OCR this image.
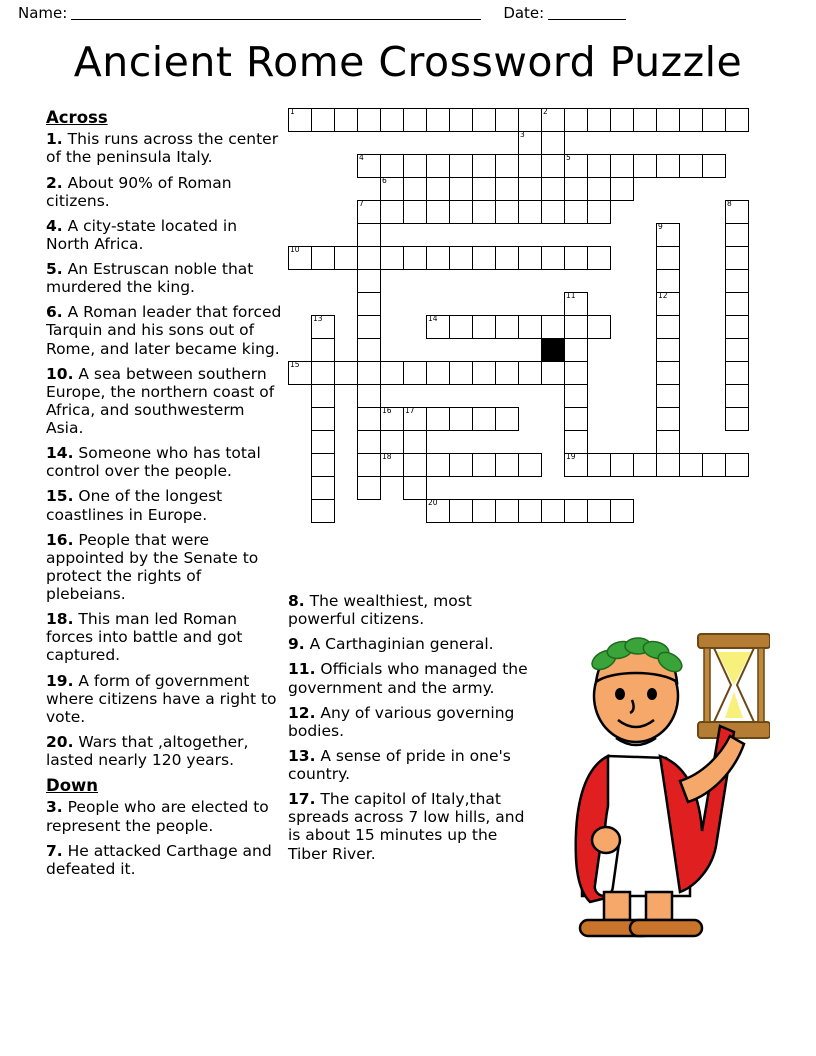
Name:	Date:
Ancient Rome Crossword Puzzle
Across
1. This runs across the center of the peninsula Italy.
2. About 90% of Roman citizens.
4. A city-state located in North Africa.
5. An Estruscan noble that murdered the king.
6. A Roman leader that forced Tarquin and his sons out of Rome, and later became king.
10. A sea between southern Europe, the northern coast of Africa, and southwesterm Asia.
14. Someone who has total control over the people.
15. One of the longest coastlines in Europe.
16. People that were appointed by the Senate to protect the rights of plebeians.
18. This man led Roman forces into battle and got captured.
19. A form of government where citizens have a right to vote.
20. Wars that ,altogether, lasted nearly 120 years.
Down
3. People who are elected to represent the people.
7. He attacked Carthage and defeated it.
8. The wealthiest, most powerful citizens.
9. A Carthaginian general.
11. Officials who managed the government and the army.
12. Any of various governing bodies.
13. A sense of pride in one's country.
17. The capitol of Italy,that spreads across 7 low hills, and is about 15 minutes up the Tiber River.
1	2
3
4	5
6
7	8
9
10
11	12
13	14
15
16 17
18	19
20
